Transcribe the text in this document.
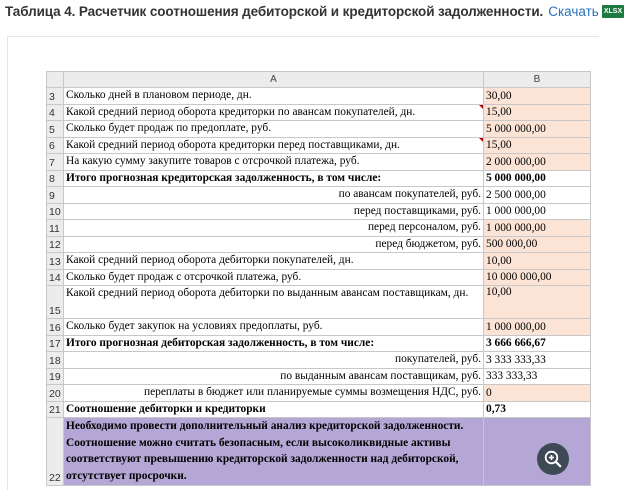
Таблица 4. Расчетчик соотношения дебиторской и кредиторской задолженности. Скачать XLSX
	A	B
3	Сколько дней в плановом периоде, дн.	30,00
4	Какой средний период оборота кредиторки по авансам покупателей, дн.	15,00
5	Сколько будет продаж по предоплате, руб.	5 000 000,00
6	Какой средний период оборота кредиторки перед поставщиками, дн.	15,00
7	На какую сумму закупите товаров с отсрочкой платежа, руб.	2 000 000,00
8	Итого прогнозная кредиторская задолженность, в том числе:	5 000 000,00
9	по авансам покупателей, руб.	2 500 000,00
10	перед поставщиками, руб.	1 000 000,00
11	перед персоналом, руб.	1 000 000,00
12	перед бюджетом, руб.	500 000,00
13	Какой средний период оборота дебиторки покупателей, дн.	10,00
14	Сколько будет продаж с отсрочкой платежа, руб.	10 000 000,00
15	Какой средний период оборота дебиторки по выданным авансам поставщикам, дн.	10,00
16	Сколько будет закупок на условиях предоплаты, руб.	1 000 000,00
17	Итого прогнозная дебиторская задолженность, в том числе:	3 666 666,67
18	покупателей, руб.	3 333 333,33
19	по выданным авансам поставщикам, руб.	333 333,33
20	переплаты в бюджет или планируемые суммы возмещения НДС, руб.	0
21	Соотношение дебиторки и кредиторки	0,73
22	Необходимо провести дополнительный анализ кредиторской задолженности. Соотношение можно считать безопасным, если высоколиквидные активы соответствуют превышению кредиторской задолженности над дебиторской, отсутствует просрочки.	
